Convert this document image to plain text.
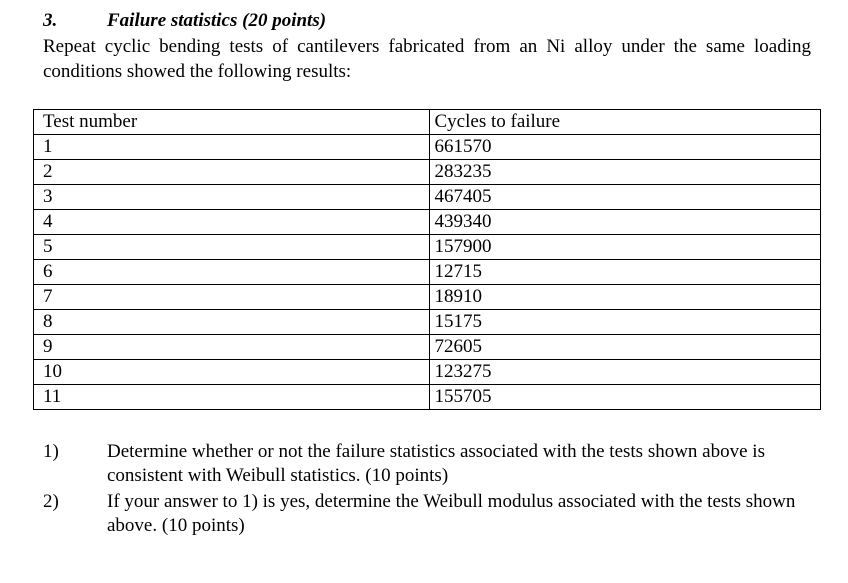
3.	Failure statistics (20 points)
Repeat cyclic bending tests of cantilevers fabricated from an Ni alloy under the same loading conditions showed the following results:
Test number	Cycles to failure
1	661570
2	283235
3	467405
4	439340
5	157900
6	12715
7	18910
8	15175
9	72605
10	123275
11	155705
1)	Determine whether or not the failure statistics associated with the tests shown above is consistent with Weibull statistics. (10 points)
2)	If your answer to 1) is yes, determine the Weibull modulus associated with the tests shown above. (10 points)
